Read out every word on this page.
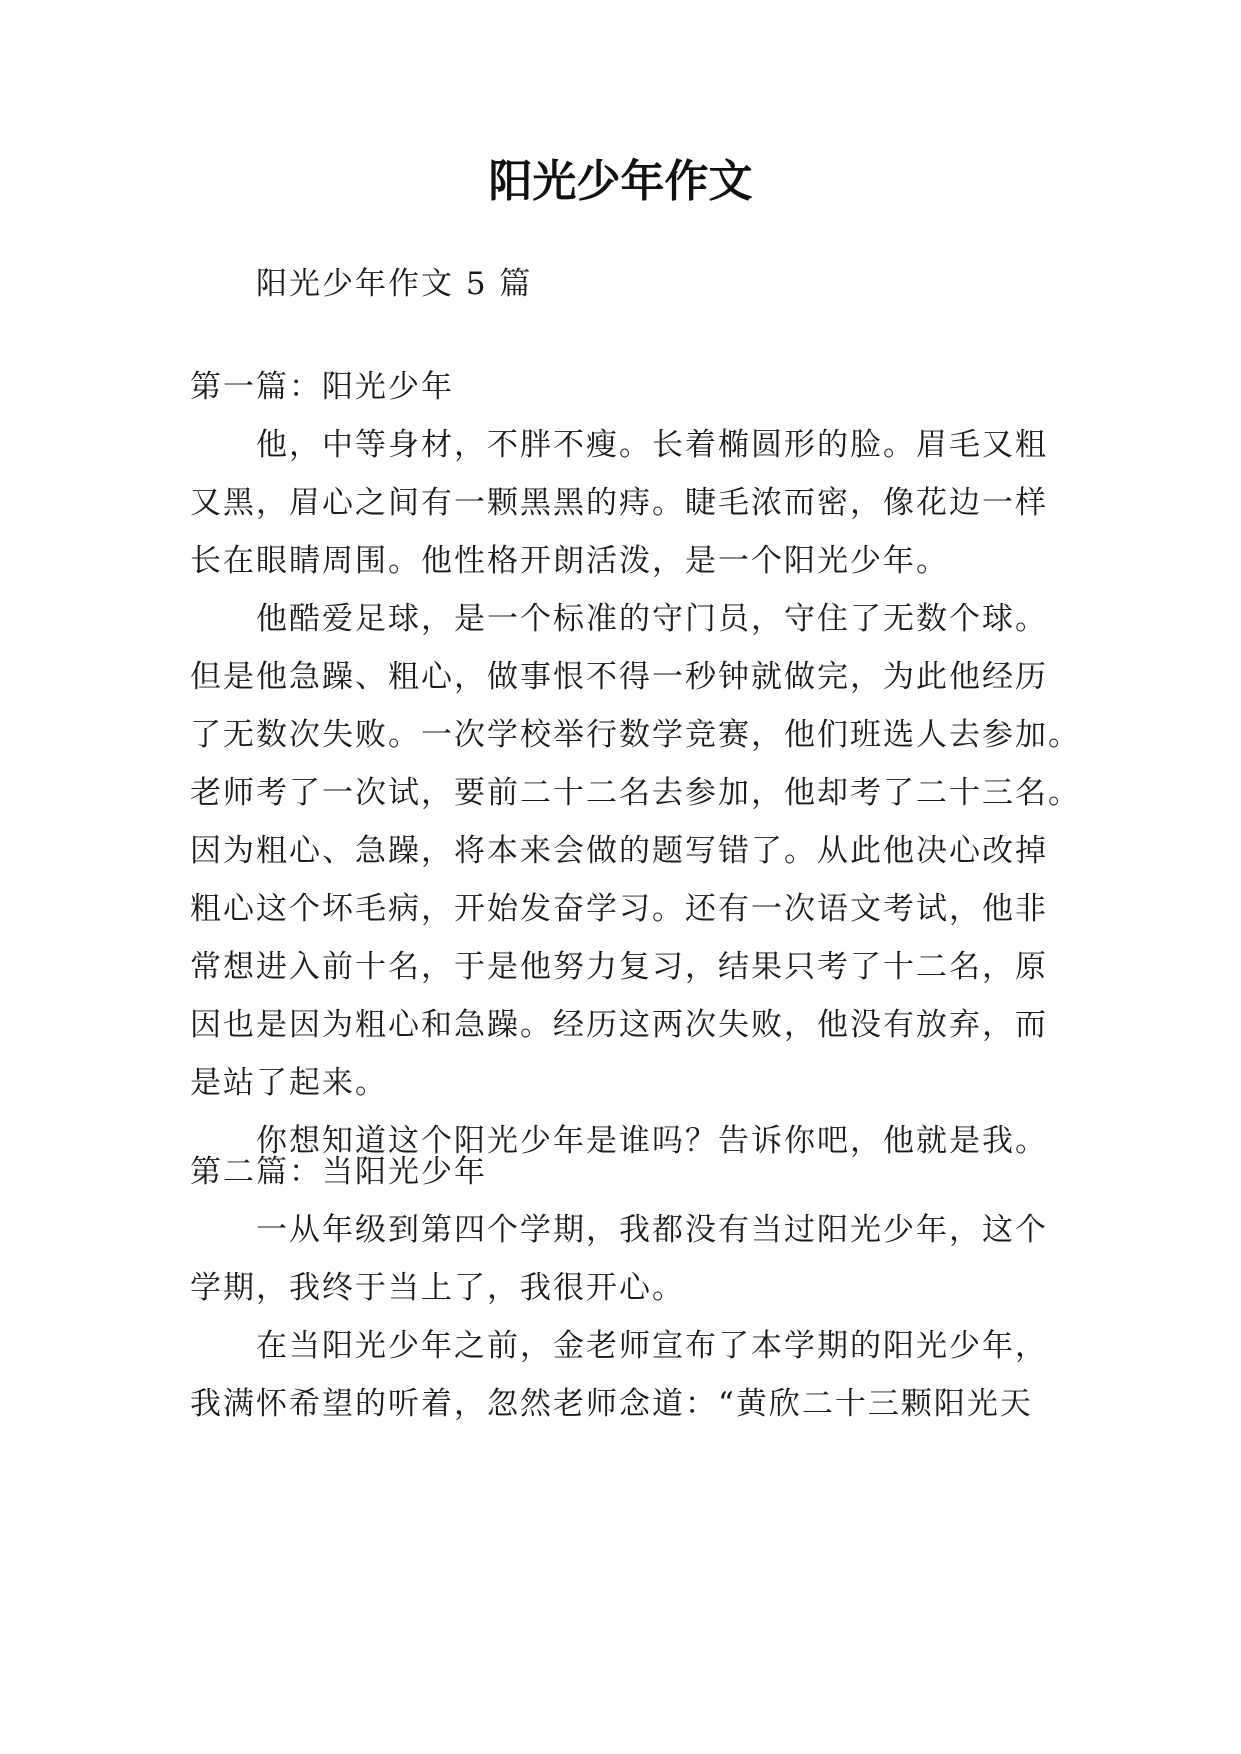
阳光少年作文
阳光少年作文 5 篇
第一篇：阳光少年
他，中等身材，不胖不瘦。长着椭圆形的脸。眉毛又粗
又黑，眉心之间有一颗黑黑的痔。睫毛浓而密，像花边一样
长在眼睛周围。他性格开朗活泼，是一个阳光少年。
他酷爱足球，是一个标准的守门员，守住了无数个球。
但是他急躁、粗心，做事恨不得一秒钟就做完，为此他经历
了无数次失败。一次学校举行数学竞赛，他们班选人去参加。
老师考了一次试，要前二十二名去参加，他却考了二十三名。
因为粗心、急躁，将本来会做的题写错了。从此他决心改掉
粗心这个坏毛病，开始发奋学习。还有一次语文考试，他非
常想进入前十名，于是他努力复习，结果只考了十二名，原
因也是因为粗心和急躁。经历这两次失败，他没有放弃，而
是站了起来。
你想知道这个阳光少年是谁吗？告诉你吧，他就是我。
第二篇：当阳光少年
一从年级到第四个学期，我都没有当过阳光少年，这个
学期，我终于当上了，我很开心。
在当阳光少年之前，金老师宣布了本学期的阳光少年，
我满怀希望的听着，忽然老师念道：“黄欣二十三颗阳光天
